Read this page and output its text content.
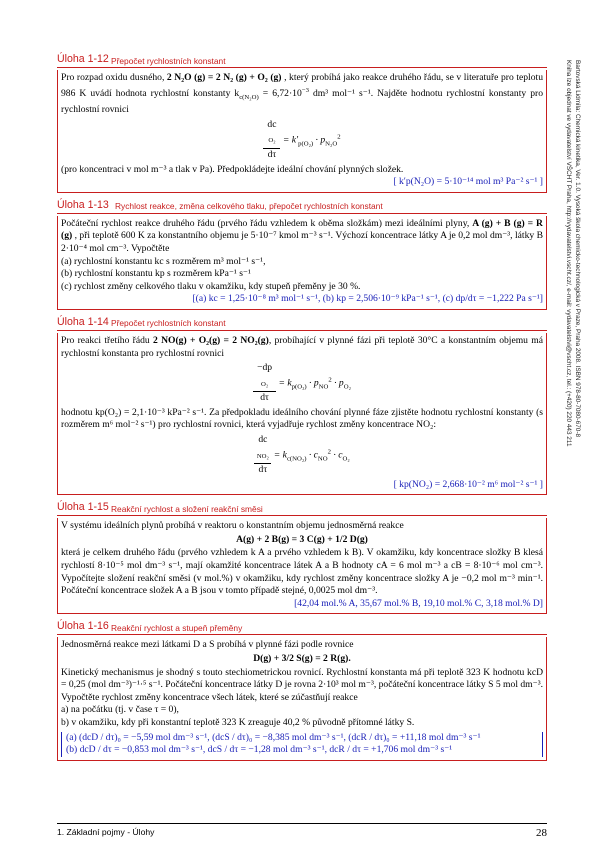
Bartovská Lidmila: Chemická kinetika, Ver. 1.0. Vysoká škola chemicko-technologická v Praze, Praha 2008. ISBN 978-80-7080-670-8
Kniha lze objednat ve vydavatelství VŠCHT Praha, http://vydavatelstvi.vscht.cz/, e-mail: vydavatelstvi@vscht.cz, tel.: (+420) 220 443 211
Úloha 1-12 Přepočet rychlostních konstant

Pro rozpad oxidu dusného, 2 N₂O (g) = 2 N₂ (g) + O₂ (g) , který probíhá jako reakce druhého řádu, se v literatuře pro teplotu 986 K uvádí hodnota rychlostní konstanty $k_{c(N_2O)} = 6,72\cdot 10^{-3}$ dm³ mol⁻¹ s⁻¹. Najděte hodnotu rychlostní konstanty pro rychlostní rovnici

dc
$_{O_2}$
$d\tau = k'_{p(O_2)} \cdot p_{N_2O}^2$

(pro koncentraci v mol m⁻³ a tlak v Pa). Předpokládejte ideální chování plynných složek.

[ k′p(N₂O) = 5·10⁻¹⁴ mol m³ Pa⁻² s⁻¹ ]
Úloha 1-13 Rychlost reakce, změna celkového tlaku, přepočet rychlostních konstant

Počáteční rychlost reakce druhého řádu (prvého řádu vzhledem k oběma složkám) mezi ideálními plyny, A (g) + B (g) = R (g) , při teplotě 600 K za konstantního objemu je 5·10⁻⁷ kmol m⁻³ s⁻¹. Výchozí koncentrace látky A je 0,2 mol dm⁻³, látky B 2·10⁻⁴ mol cm⁻³. Vypočtěte

(a) rychlostní konstantu kc s rozměrem m³ mol⁻¹ s⁻¹,

(b) rychlostní konstantu kp s rozměrem kPa⁻¹ s⁻¹

(c) rychlost změny celkového tlaku v okamžiku, kdy stupeň přeměny je 30 %.

[(a) kc = 1,25·10⁻⁸ m³ mol⁻¹ s⁻¹, (b) kp = 2,506·10⁻⁹ kPa⁻¹ s⁻¹, (c) dp/dτ = −1,222 Pa s⁻¹]
Úloha 1-14 Přepočet rychlostních konstant

Pro reakci třetího řádu 2 NO(g) + O₂(g) = 2 NO₂(g), probíhající v plynné fázi při teplotě 30°C a konstantním objemu má rychlostní konstanta pro rychlostní rovnici

−dp
$_{O_2}$
$d\tau = k_{p(O_2)} \cdot p_{NO}^2 \cdot p_{O_2}$

hodnotu kp(O₂) = 2,1·10⁻³ kPa⁻² s⁻¹. Za předpokladu ideálního chování plynné fáze zjistěte hodnotu rychlostní konstanty (s rozměrem m⁶ mol⁻² s⁻¹) pro rychlostní rovnici, která vyjadřuje rychlost změny koncentrace NO₂:

dc
$_{NO_2}$
$d\tau = k_{c(NO_2)} \cdot c_{NO}^2 \cdot c_{O_2}$
[ kp(NO₂) = 2,668·10⁻² m⁶ mol⁻² s⁻¹ ]
Úloha 1-15 Reakční rychlost a složení reakční směsi

V systému ideálních plynů probíhá v reaktoru o konstantním objemu jednosměrná reakce

A(g) + 2 B(g) = 3 C(g) + 1/2 D(g)

která je celkem druhého řádu (prvého vzhledem k A a prvého vzhledem k B). V okamžiku, kdy koncentrace složky B klesá rychlostí 8·10⁻⁵ mol dm⁻³ s⁻¹, mají okamžité koncentrace látek A a B hodnoty cA = 6 mol m⁻³ a cB = 8·10⁻⁶ mol cm⁻³. Vypočítejte složení reakční směsi (v mol.%) v okamžiku, kdy rychlost změny koncentrace složky A je −0,2 mol m⁻³ min⁻¹. Počáteční koncentrace složek A a B jsou v tomto případě stejné, 0,0025 mol dm⁻³.

[42,04 mol.% A, 35,67 mol.% B, 19,10 mol.% C, 3,18 mol.% D]
Úloha 1-16 Reakční rychlost a stupeň přeměny

Jednosměrná reakce mezi látkami D a S probíhá v plynné fázi podle rovnice

D(g) + 3/2 S(g) = 2 R(g).

Kinetický mechanismus je shodný s touto stechiometrickou rovnicí. Rychlostní konstanta má při teplotě 323 K hodnotu kcD = 0,25 (mol dm⁻³)⁻¹·⁵ s⁻¹. Počáteční koncentrace látky D je rovna 2·10³ mol m⁻³, počáteční koncentrace látky S 5 mol dm⁻³. Vypočtěte rychlost změny koncentrace všech látek, které se zúčastňují reakce

a) na počátku (tj. v čase τ = 0),

b) v okamžiku, kdy při konstantní teplotě 323 K zreaguje 40,2 % původně přítomné látky S.

(a) (dcD / dτ)₀ = −5,59 mol dm⁻³ s⁻¹, (dcS / dτ)₀ = −8,385 mol dm⁻³ s⁻¹, (dcR / dτ)₀ = +11,18 mol dm⁻³ s⁻¹
(b) dcD / dτ = −0,853 mol dm⁻³ s⁻¹, dcS / dτ = −1,28 mol dm⁻³ s⁻¹, dcR / dτ = +1,706 mol dm⁻³ s⁻¹
1. Základní pojmy - Úlohy	28
